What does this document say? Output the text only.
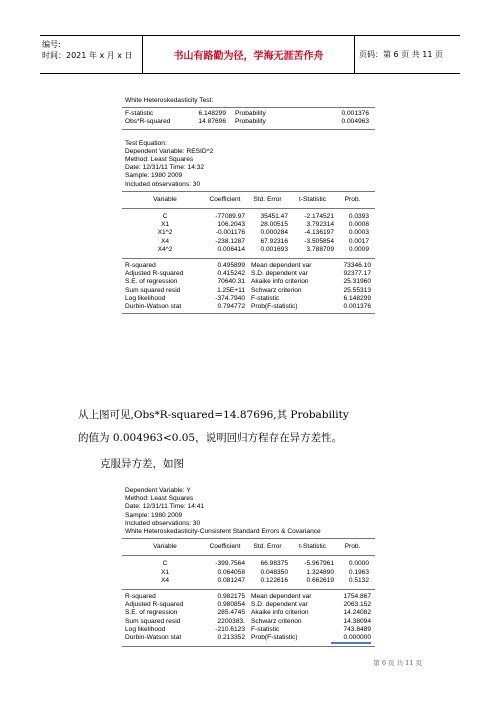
编号:
时间：2021 年 x 月 x 日	书山有路勤为径，学海无涯苦作舟	页码：第 6 页 共 11 页
White Heteroskedasticity Test:
F-statistic	6.148299	Probability	0.001376
Obs*R-squared	14.87696	Probability	0.004963
Test Equation:
Dependent Variable: RESID^2
Method: Least Squares
Date: 12/31/11 Time: 14:32
Sample: 1980 2009
Included observations: 30
Variable	Coefficient	Std. Error	t-Statistic	Prob.
C	-77089.97	35451.47	-2.174521	0.0393
X1	106.2043	28.00515	3.792314	0.0008
X1^2	-0.001176	0.000284	-4.136197	0.0003
X4	-238.1287	67.92316	-3.505854	0.0017
X4^2	0.006414	0.001693	3.788709	0.0009
R-squared	0.495899 Mean dependent var	73346.10
Adjusted R-squared	0.415242 S.D. dependent var	92377.17
S.E. of regression	70640.31 Akaike info criterion	25.31960
Sum squared resid	1.25E+11 Schwarz criterion	25.55313
Log likelihood	-374.7940 F-statistic	6.148299
Durbin-Watson stat	0.794772 Prob(F-statistic)	0.001376
从上图可见,Obs*R-squared=14.87696,其 Probability
的值为 0.004963<0.05，说明回归方程存在异方差性。
克服异方差，如图
Dependent Variable: Y
Method: Least Squares
Date: 12/31/11 Time: 14:41
Sample: 1980 2009
Included observations: 30
White Heteroskedasticity-Consistent Standard Errors & Covariance
Variable	Coefficient	Std. Error	t-Statistic	Prob.
C	-399.7564	66.98375	-5.967961	0.0000
X1	0.064058	0.048350	1.324890	0.1963
X4	0.081247	0.122616	0.662619	0.5132
R-squared	0.982175 Mean dependent var	1754.867
Adjusted R-squared	0.980854 S.D. dependent var	2063.152
S.E. of regression	285.4745 Akaike info criterion	14.24082
Sum squared resid	2200383. Schwarz criterion	14.38094
Log likelihood	-210.6123 F-statistic	743.8489
Durbin-Watson stat	0.213352 Prob(F-statistic)	0.000000
第 6 页 共 11 页
